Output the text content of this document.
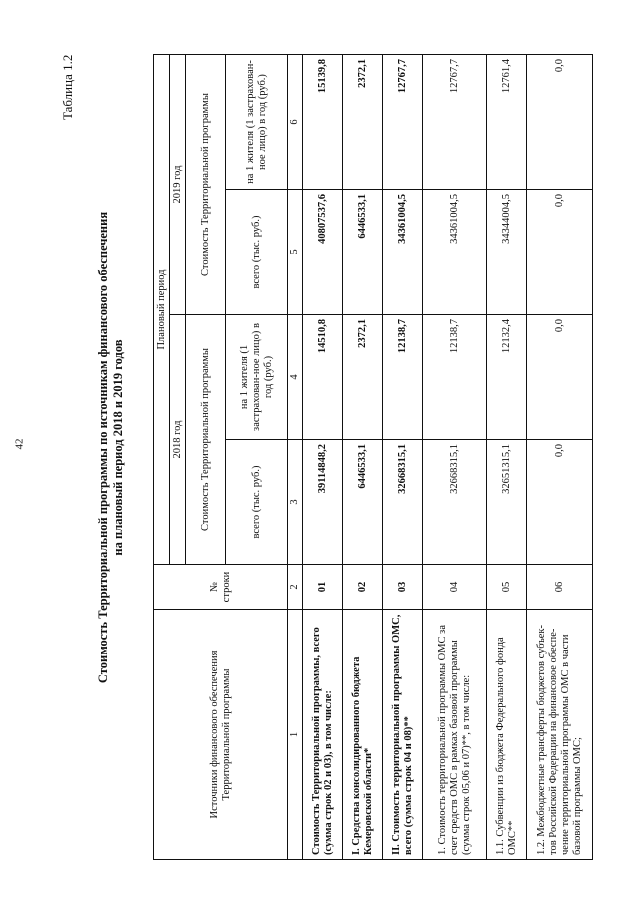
42
Таблица 1.2
Стоимость Территориальной программы по источникам финансового обеспечения на плановый период 2018 и 2019 годов
Источники финансового обеспечения Территориальной программы	№ строки	Плановый период			
		2018 год		2019 год	
		Стоимость Территориальной программы		Стоимость Территориальной программы	
		всего (тыс. руб.)	на 1 жителя (1 застрахован-ное лицо) в год (руб.)	всего (тыс. руб.)	на 1 жителя (1 застрахован-ное лицо) в год (руб.)
1	2	3	4	5	6
Стоимость Территориальной программы, всего (сумма строк 02 и 03), в том числе:	01	39114848,2	14510,8	40807537,6	15139,8
I. Средства консолидированного бюджета Кемеровской области*	02	6446533,1	2372,1	6446533,1	2372,1
II. Стоимость территориальной программы ОМС, всего (сумма строк 04 и 08)**	03	32668315,1	12138,7	34361004,5	12767,7
1. Стоимость территориальной программы ОМС за счет средств ОМС в рамках базовой программы (сумма строк 05,06 и 07)**, в том числе:	04	32668315,1	12138,7	34361004,5	12767,7
1.1. Субвенции из бюджета Федерального фонда ОМС**	05	32651315,1	12132,4	34344004,5	12761,4
1.2. Межбюджетные трансферты бюджетов субъек-тов Российской Федерации на финансовое обеспе-чение территориальной программы ОМС в части базовой программы ОМС;	06	0,0	0,0	0,0	0,0
